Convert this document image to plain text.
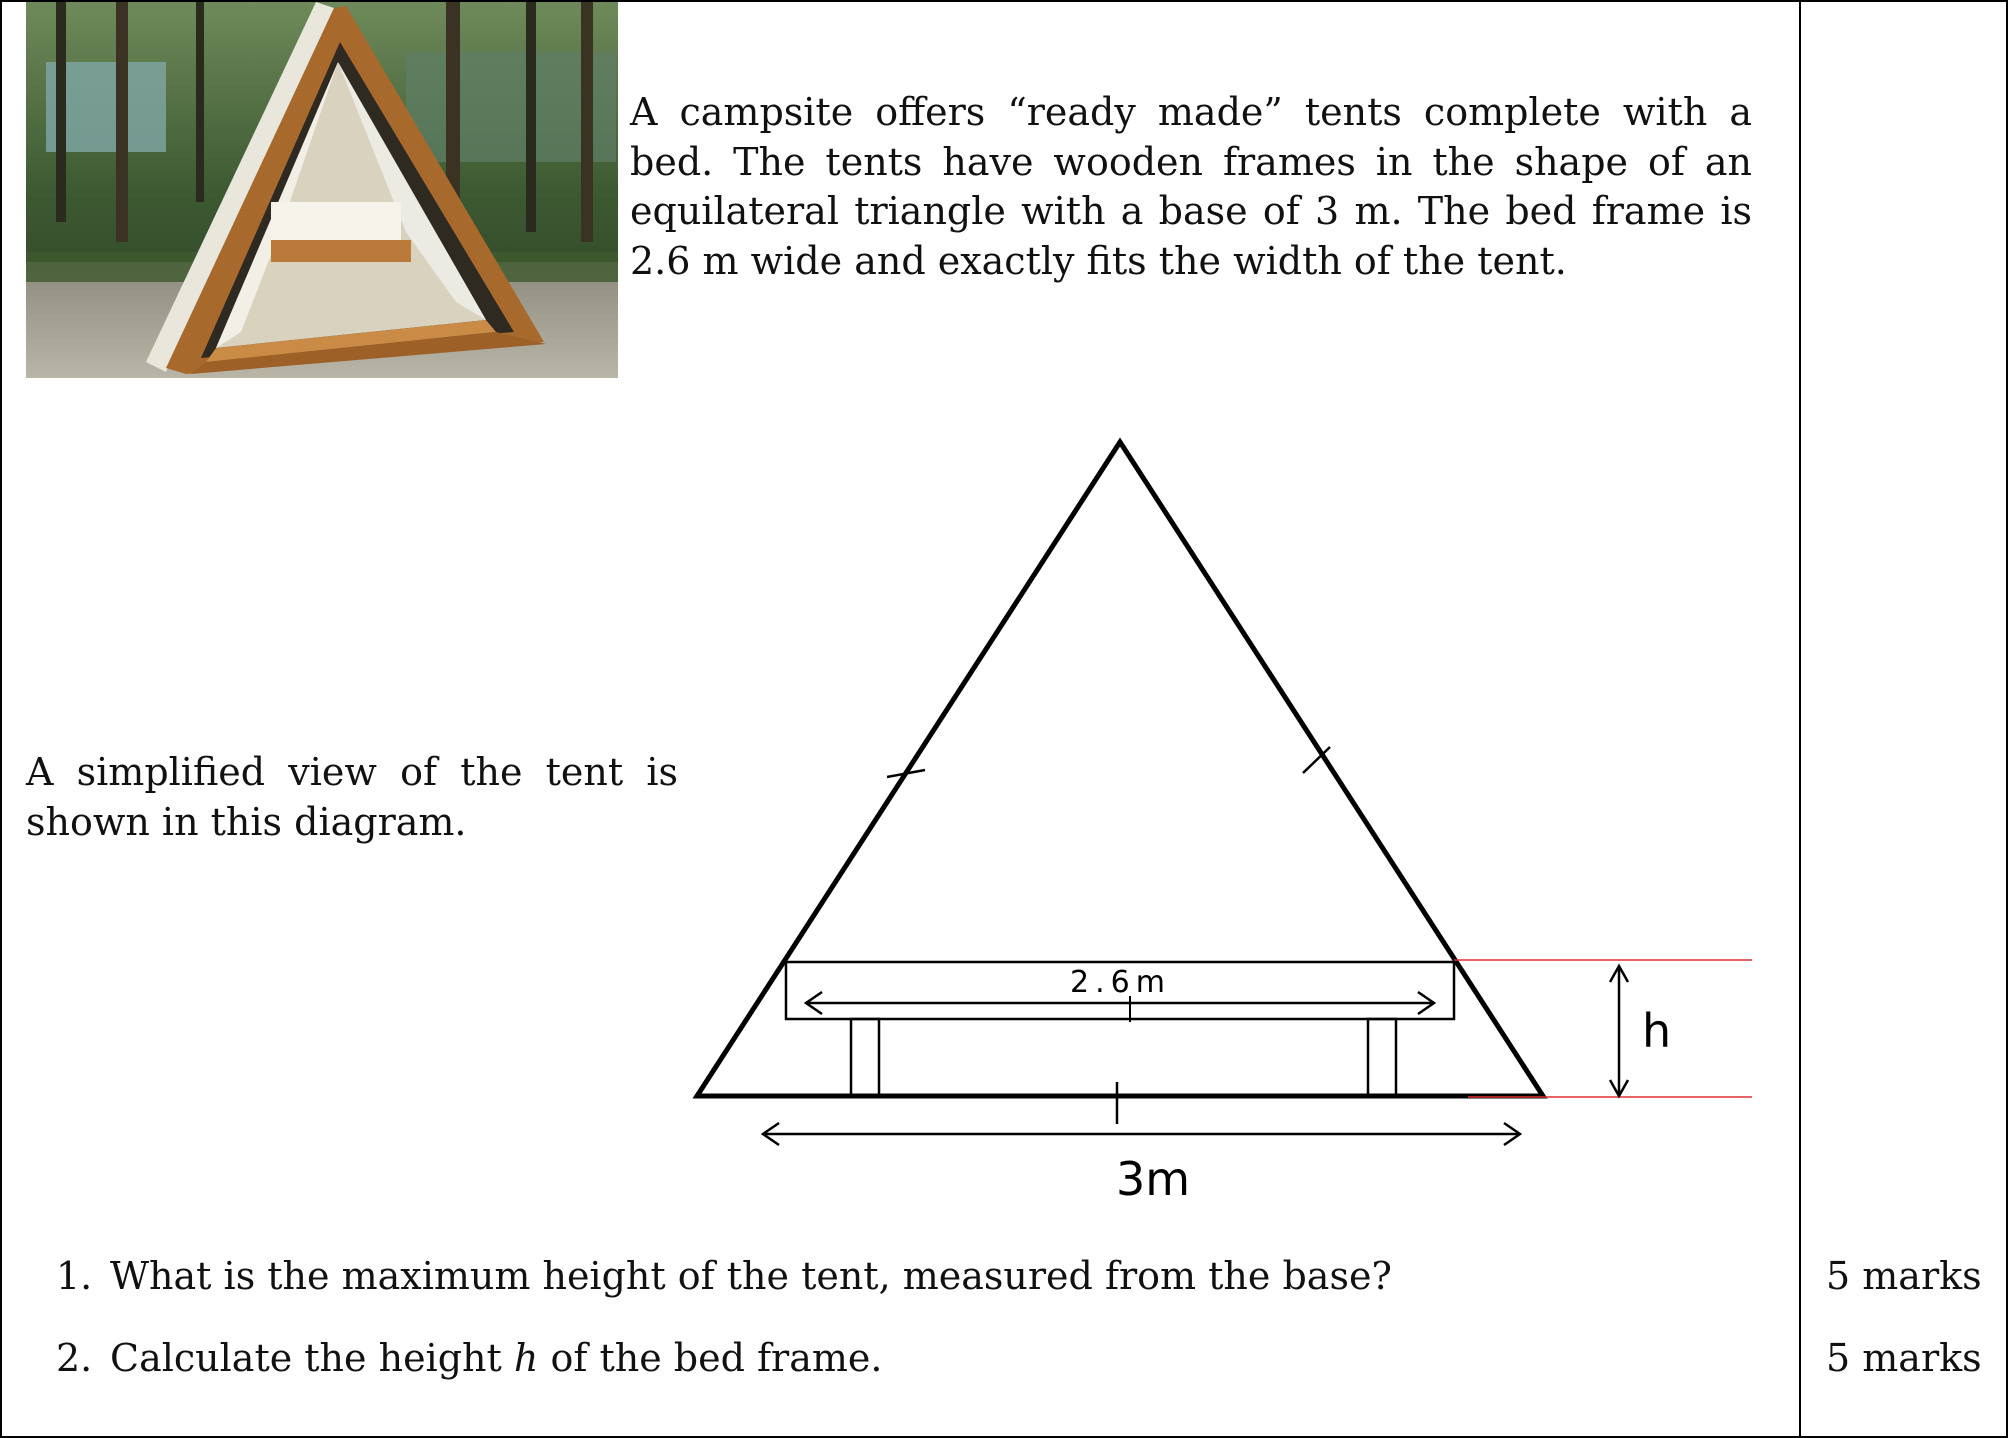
A campsite offers “ready made” tents complete with a bed. The tents have wooden frames in the shape of an equilateral triangle with a base of 3 m. The bed frame is 2.6 m wide and exactly fits the width of the tent.

A simplified view of the tent is shown in this diagram.

2.6m
3m
h
1. What is the maximum height of the tent, measured from the base?	5 marks
2. Calculate the height h of the bed frame.	5 marks
